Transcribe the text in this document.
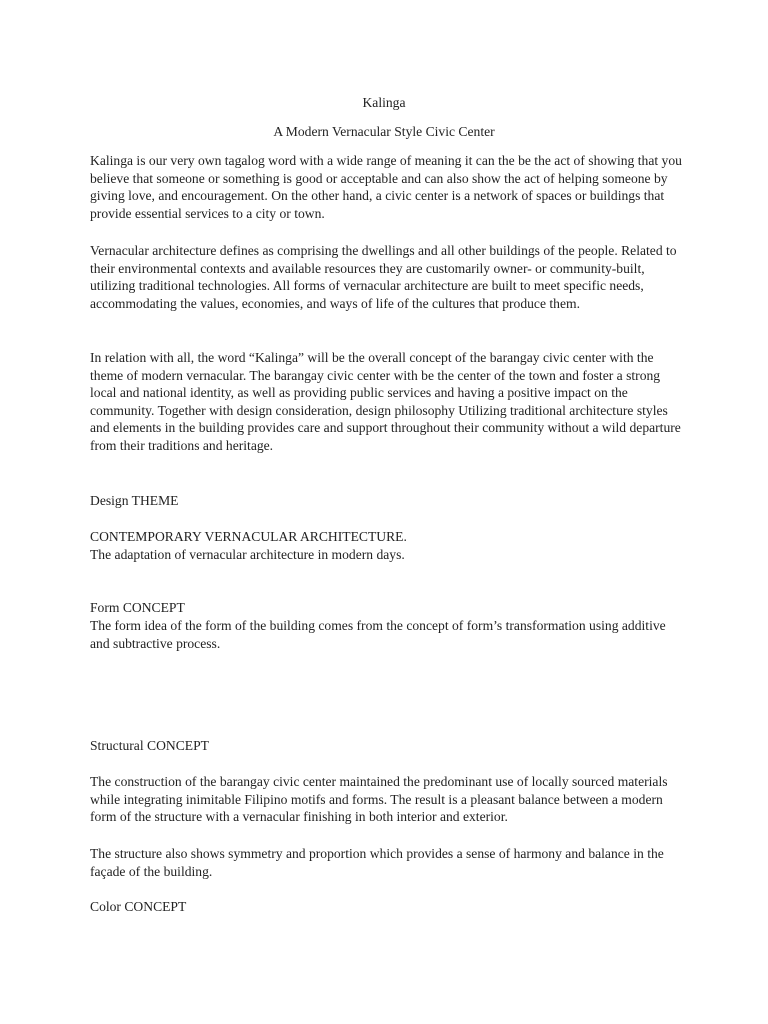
Kalinga
A Modern Vernacular Style Civic Center

Kalinga is our very own tagalog word with a wide range of meaning it can the be the act of showing that you believe that someone or something is good or acceptable and can also show the act of helping someone by giving love, and encouragement. On the other hand, a civic center is a network of spaces or buildings that provide essential services to a city or town.

Vernacular architecture defines as comprising the dwellings and all other buildings of the people. Related to their environmental contexts and available resources they are customarily owner- or community-built, utilizing traditional technologies. All forms of vernacular architecture are built to meet specific needs, accommodating the values, economies, and ways of life of the cultures that produce them.

In relation with all, the word “Kalinga” will be the overall concept of the barangay civic center with the theme of modern vernacular. The barangay civic center with be the center of the town and foster a strong local and national identity, as well as providing public services and having a positive impact on the community. Together with design consideration, design philosophy Utilizing traditional architecture styles and elements in the building provides care and support throughout their community without a wild departure from their traditions and heritage.

Design THEME
CONTEMPORARY VERNACULAR ARCHITECTURE.
The adaptation of vernacular architecture in modern days.
Form CONCEPT

The form idea of the form of the building comes from the concept of form’s transformation using additive and subtractive process.

Structural CONCEPT

The construction of the barangay civic center maintained the predominant use of locally sourced materials while integrating inimitable Filipino motifs and forms. The result is a pleasant balance between a modern form of the structure with a vernacular finishing in both interior and exterior.

The structure also shows symmetry and proportion which provides a sense of harmony and balance in the façade of the building.

Color CONCEPT
